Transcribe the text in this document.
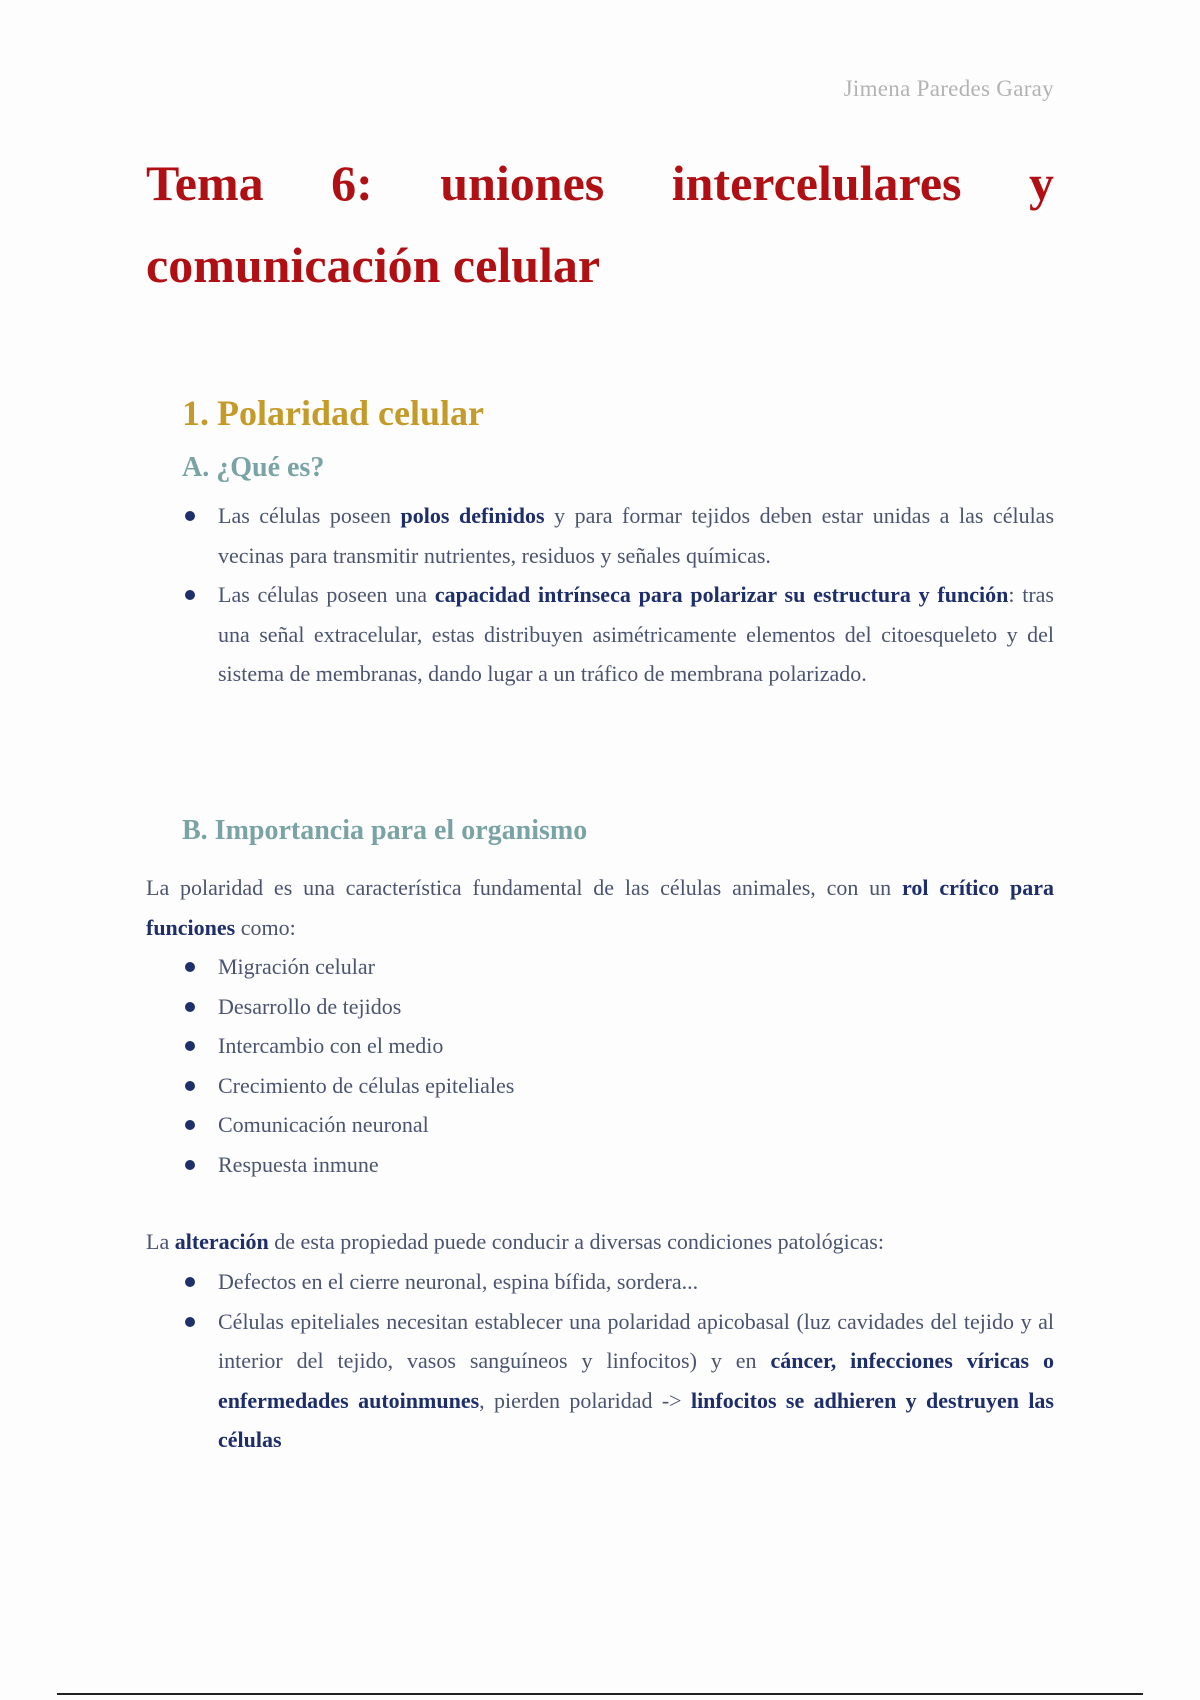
Jimena Paredes Garay
Tema 6: uniones intercelulares y
comunicación celular
1. Polaridad celular
A. ¿Qué es?
Las células poseen polos definidos y para formar tejidos deben estar unidas a las células vecinas para transmitir nutrientes, residuos y señales químicas.
Las células poseen una capacidad intrínseca para polarizar su estructura y función: tras una señal extracelular, estas distribuyen asimétricamente elementos del citoesqueleto y del sistema de membranas, dando lugar a un tráfico de membrana polarizado.
B. Importancia para el organismo

La polaridad es una característica fundamental de las células animales, con un rol crítico para funciones como:

Migración celular
Desarrollo de tejidos
Intercambio con el medio
Crecimiento de células epiteliales
Comunicación neuronal
Respuesta inmune

La alteración de esta propiedad puede conducir a diversas condiciones patológicas:

Defectos en el cierre neuronal, espina bífida, sordera...
Células epiteliales necesitan establecer una polaridad apicobasal (luz cavidades del tejido y al interior del tejido, vasos sanguíneos y linfocitos) y en cáncer, infecciones víricas o enfermedades autoinmunes, pierden polaridad -> linfocitos se adhieren y destruyen las células
